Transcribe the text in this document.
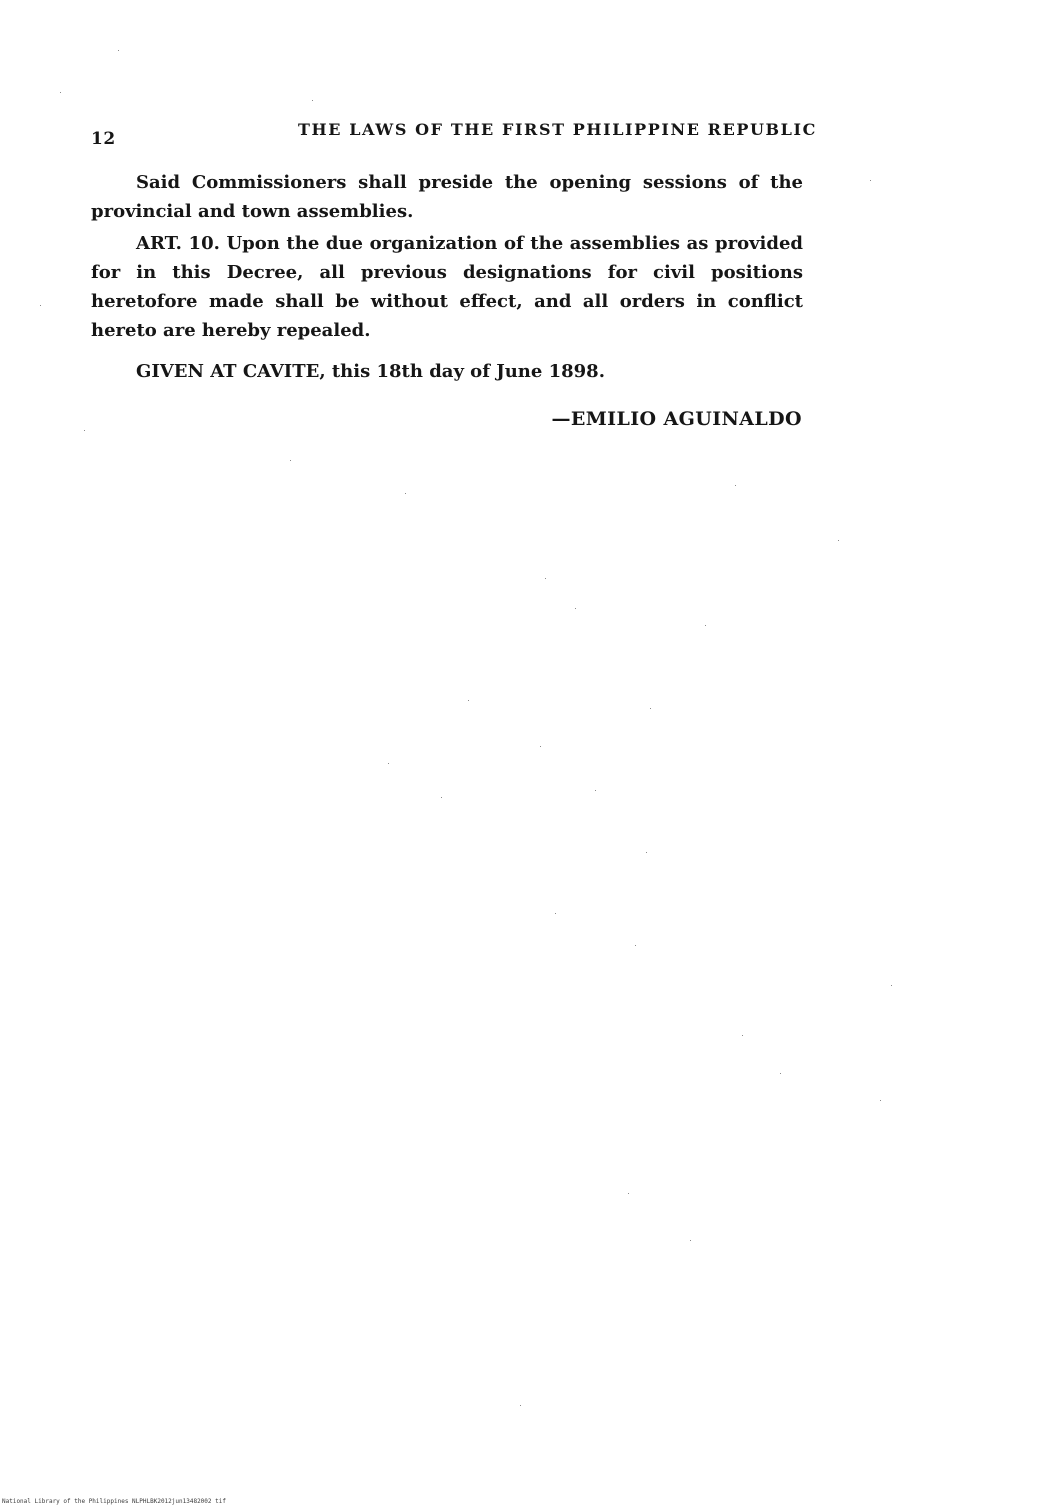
12	THE LAWS OF THE FIRST PHILIPPINE REPUBLIC

Said Commissioners shall preside the opening sessions of the provincial and town assemblies.

ART. 10. Upon the due organization of the assemblies as provided for in this Decree, all previous designations for civil positions heretofore made shall be without effect, and all orders in conflict hereto are hereby repealed.

GIVEN AT CAVITE, this 18th day of June 1898.

—EMILIO AGUINALDO
National Library of the Philippines NLPHLBK2012jun13482002 tif
